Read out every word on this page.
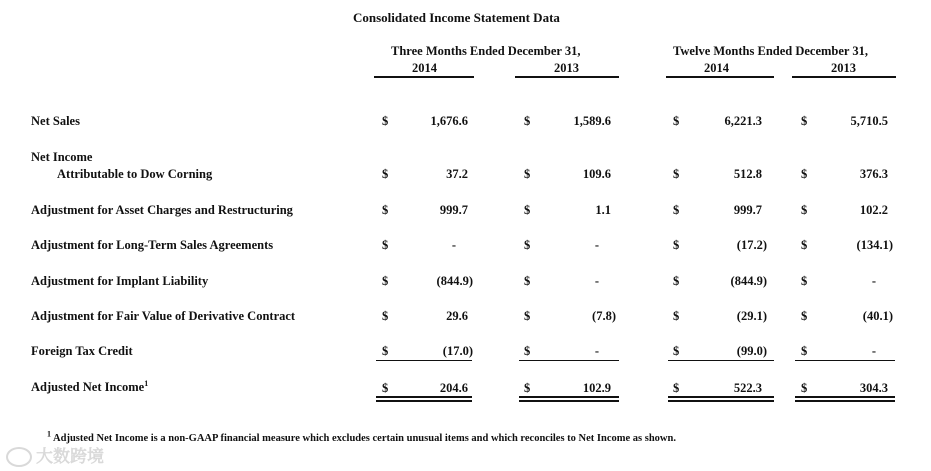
Consolidated Income Statement Data
Three Months Ended December 31,
2014	2013
Twelve Months Ended December 31,
2014	2013
Net Sales	$	1,676.6	$	1,589.6	$	6,221.3	$	5,710.5
Net Income
Attributable to Dow Corning	$	37.2	$	109.6	$	512.8	$	376.3
Adjustment for Asset Charges and Restructuring	$	999.7	$	1.1	$	999.7	$	102.2
Adjustment for Long-Term Sales Agreements	$	-	$	-	$	(17.2)	$	(134.1)
Adjustment for Implant Liability	$	(844.9)	$	-	$	(844.9)	$	-
Adjustment for Fair Value of Derivative Contract	$	29.6	$	(7.8)	$	(29.1)	$	(40.1)
Foreign Tax Credit	$	(17.0)	$	-	$	(99.0)	$	-
Adjusted Net Income$^1$	$	204.6	$	102.9	$	522.3	$	304.3
$^1$ Adjusted Net Income is a non-GAAP financial measure which excludes certain unusual items and which reconciles to Net Income as shown.
大数跨境
